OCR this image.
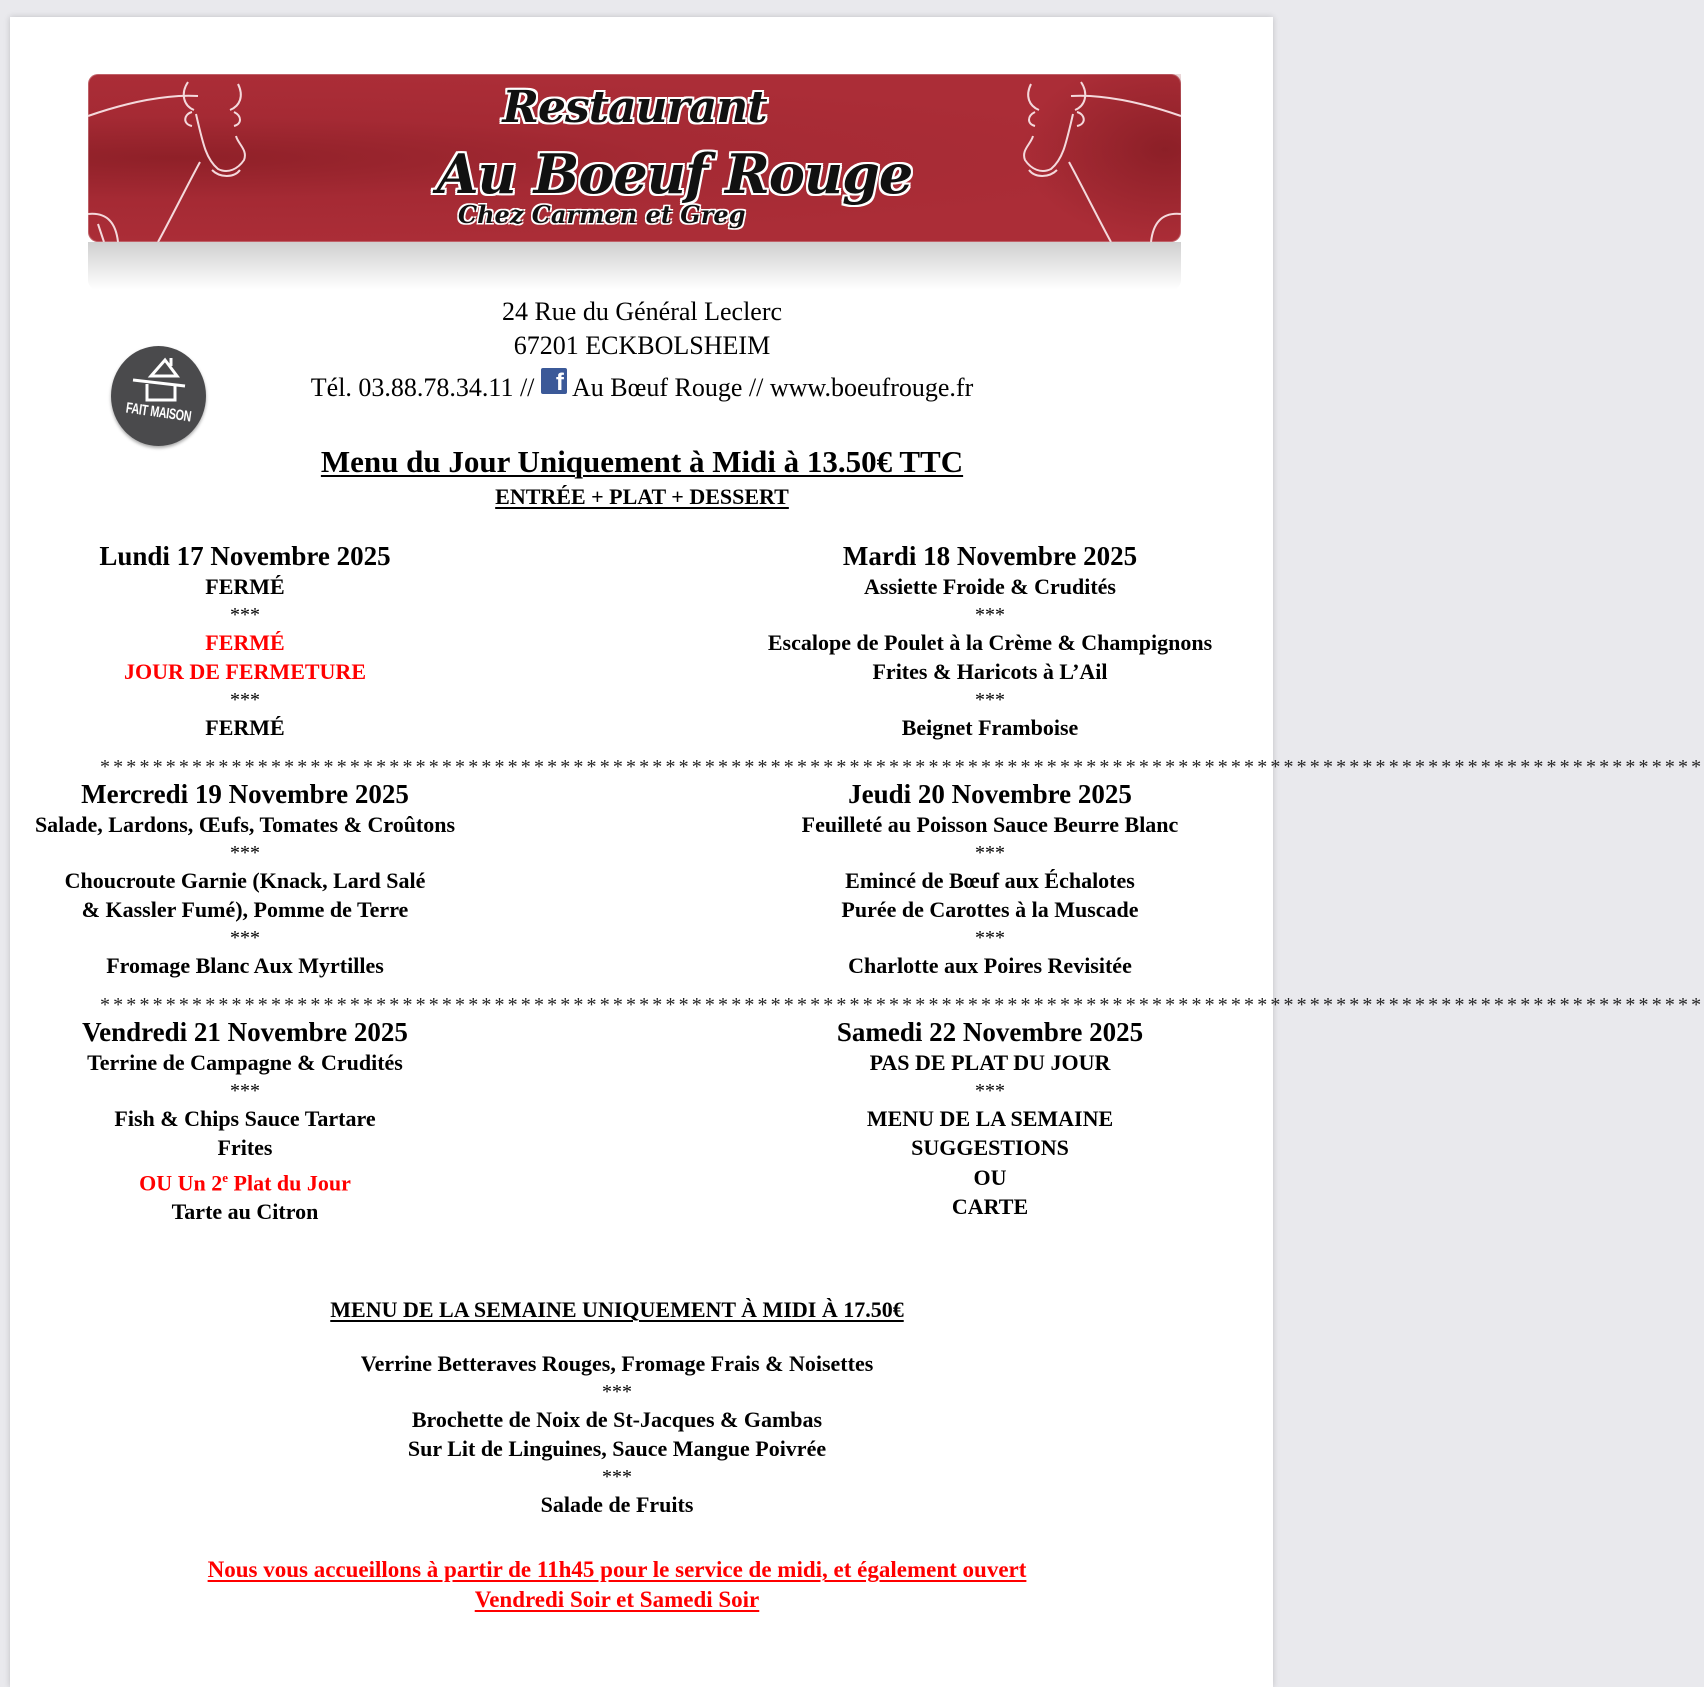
Restaurant
Au Boeuf Rouge
Chez Carmen et Greg
FAIT MAISON
24 Rue du Général Leclerc
67201 ECKBOLSHEIM
Tél. 03.88.78.34.11 // f Au Bœuf Rouge // www.boeufrouge.fr
Menu du Jour Uniquement à Midi à 13.50€ TTC
ENTRÉE + PLAT + DESSERT
Lundi 17 Novembre 2025
FERMÉ
***
FERMÉ
JOUR DE FERMETURE
***
FERMÉ
Mardi 18 Novembre 2025
Assiette Froide & Crudités
***
Escalope de Poulet à la Crème & Champignons
Frites & Haricots à L’Ail
***
Beignet Framboise
**************************************************************************************************************************
Mercredi 19 Novembre 2025
Salade, Lardons, Œufs, Tomates & Croûtons
***
Choucroute Garnie (Knack, Lard Salé
& Kassler Fumé), Pomme de Terre
***
Fromage Blanc Aux Myrtilles
Jeudi 20 Novembre 2025
Feuilleté au Poisson Sauce Beurre Blanc
***
Emincé de Bœuf aux Échalotes
Purée de Carottes à la Muscade
***
Charlotte aux Poires Revisitée
**************************************************************************************************************************
Vendredi 21 Novembre 2025
Terrine de Campagne & Crudités
***
Fish & Chips Sauce Tartare
Frites
OU Un 2e Plat du Jour
Tarte au Citron
Samedi 22 Novembre 2025
PAS DE PLAT DU JOUR
***
MENU DE LA SEMAINE
SUGGESTIONS
OU
CARTE
MENU DE LA SEMAINE UNIQUEMENT À MIDI À 17.50€
Verrine Betteraves Rouges, Fromage Frais & Noisettes
***
Brochette de Noix de St-Jacques & Gambas
Sur Lit de Linguines, Sauce Mangue Poivrée
***
Salade de Fruits
Nous vous accueillons à partir de 11h45 pour le service de midi, et également ouvert
Vendredi Soir et Samedi Soir
